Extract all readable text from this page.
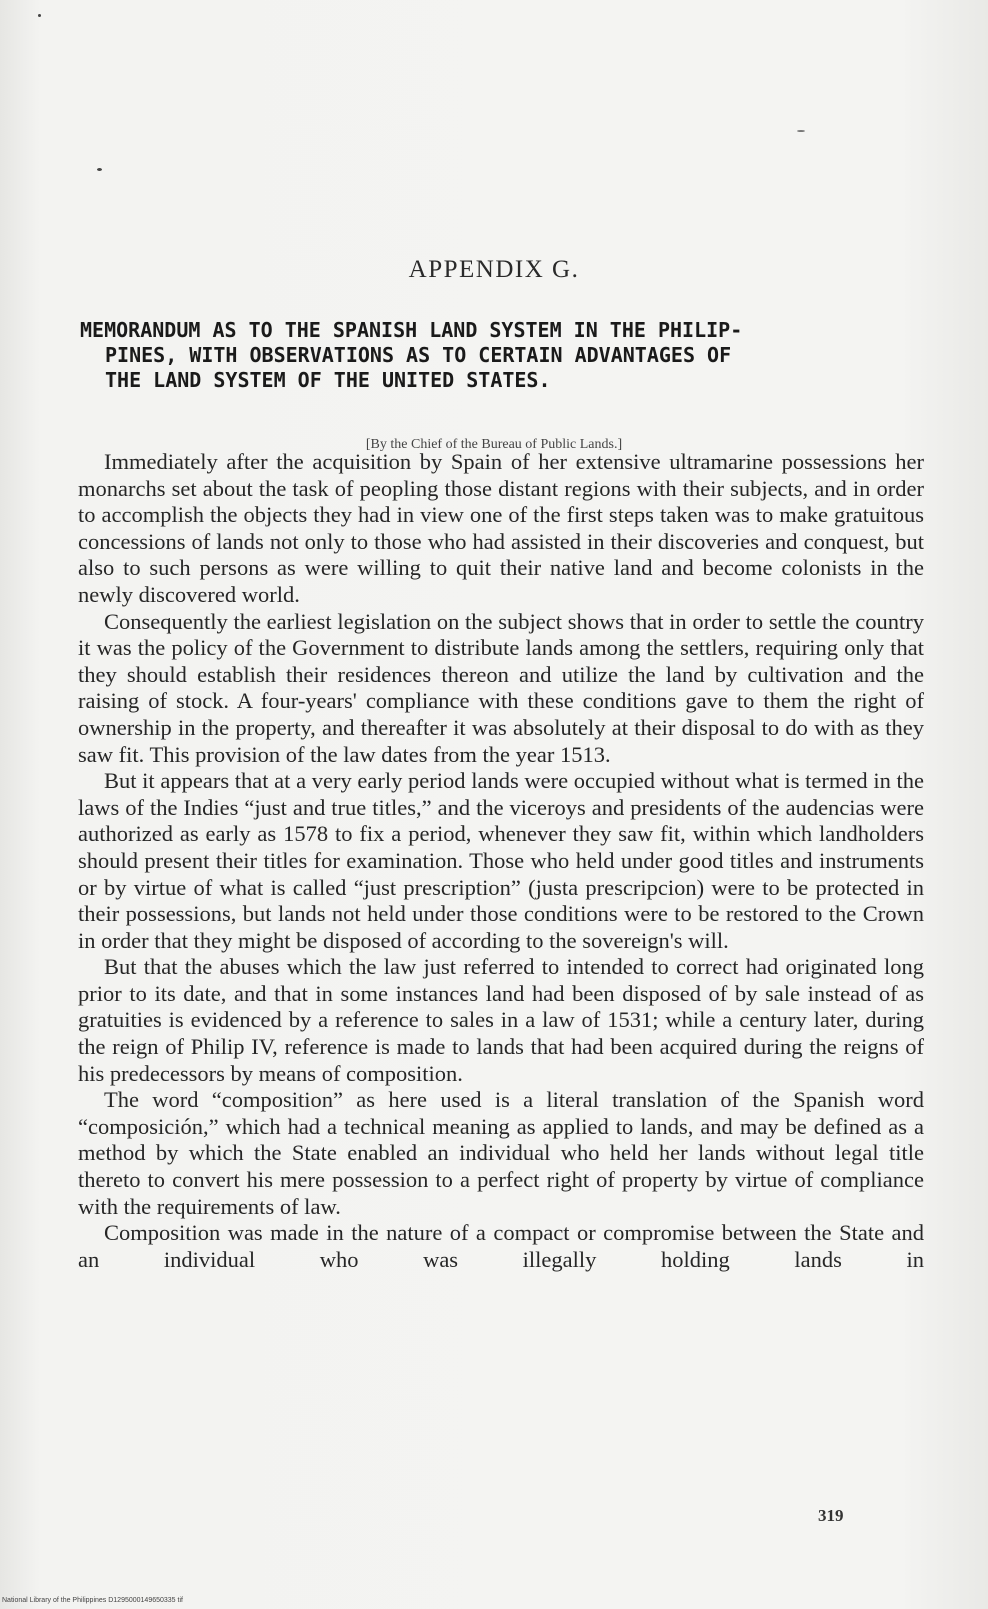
APPENDIX G.
MEMORANDUM AS TO THE SPANISH LAND SYSTEM IN THE PHILIP-
PINES, WITH OBSERVATIONS AS TO CERTAIN ADVANTAGES OF
THE LAND SYSTEM OF THE UNITED STATES.
[By the Chief of the Bureau of Public Lands.]

Immediately after the acquisition by Spain of her extensive ultramarine possessions her monarchs set about the task of peopling those distant regions with their subjects, and in order to accomplish the objects they had in view one of the first steps taken was to make gratuitous concessions of lands not only to those who had assisted in their discoveries and conquest, but also to such persons as were willing to quit their native land and become colonists in the newly discovered world.

Consequently the earliest legislation on the subject shows that in order to settle the country it was the policy of the Government to distribute lands among the settlers, requiring only that they should establish their residences thereon and utilize the land by cultivation and the raising of stock. A four-years' compliance with these conditions gave to them the right of ownership in the property, and thereafter it was absolutely at their disposal to do with as they saw fit. This provision of the law dates from the year 1513.

But it appears that at a very early period lands were occupied without what is termed in the laws of the Indies “just and true titles,” and the viceroys and presidents of the audencias were authorized as early as 1578 to fix a period, whenever they saw fit, within which landholders should present their titles for examination. Those who held under good titles and instruments or by virtue of what is called “just prescription” (justa prescripcion) were to be protected in their possessions, but lands not held under those conditions were to be restored to the Crown in order that they might be disposed of according to the sovereign's will.

But that the abuses which the law just referred to intended to correct had originated long prior to its date, and that in some instances land had been disposed of by sale instead of as gratuities is evidenced by a reference to sales in a law of 1531; while a century later, during the reign of Philip IV, reference is made to lands that had been acquired during the reigns of his predecessors by means of composition.

The word “composition” as here used is a literal translation of the Spanish word “composición,” which had a technical meaning as applied to lands, and may be defined as a method by which the State enabled an individual who held her lands without legal title thereto to convert his mere possession to a perfect right of property by virtue of compliance with the requirements of law.

Composition was made in the nature of a compact or compromise between the State and an individual who was illegally holding lands in

319
National Library of the Philippines D1295000149650335 tif
